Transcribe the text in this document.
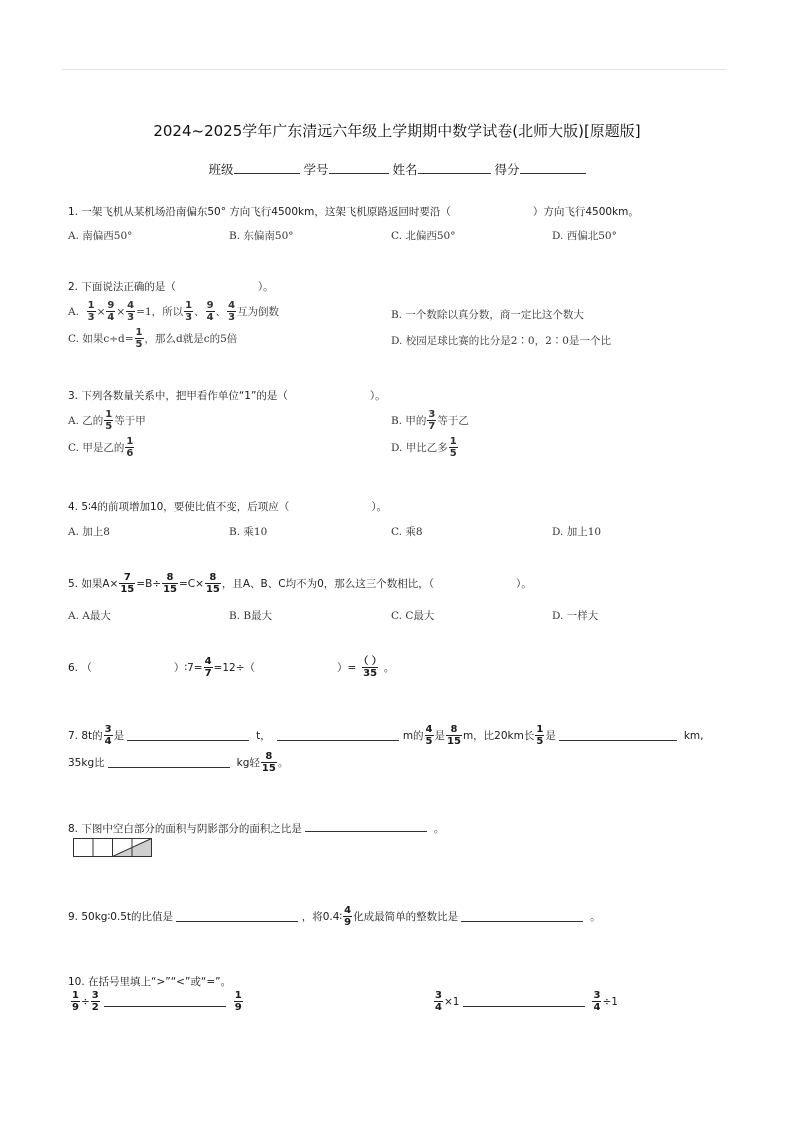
2024~2025学年广东清远六年级上学期期中数学试卷(北师大版)[原题版]
班级	学号	姓名	得分
1. 一架飞机从某机场沿南偏东50° 方向飞行4500km，这架飞机原路返回时要沿（	）方向飞行4500km。
A. 南偏西50°	B. 东偏南50°	C. 北偏西50°	D. 西偏北50°
2. 下面说法正确的是（	）。
A.
$\frac{1}{3} \times \frac{9}{4} \times \frac{4}{3} =1$，所以 $\frac{1}{3}$ 、 $\frac{9}{4}$ 、 $\frac{4}{3}$ 互为倒数	B. 一个数除以真分数，商一定比这个数大
C. 如果$c\div d= \frac{1}{5}$ ，那么d就是c的5倍	D. 校园足球比赛的比分是2∶0，2∶0是一个比
3. 下列各数量关系中，把甲看作单位“1”的是（	）。
A. 乙的 $\frac{1}{5}$ 等于甲	B. 甲的 $\frac{3}{7}$ 等于乙
C. 甲是乙的 $\frac{1}{6}$	D. 甲比乙多 $\frac{1}{5}$
4. 5∶4的前项增加10，要使比值不变，后项应（	）。
A. 加上8	B. 乘10	C. 乘8	D. 加上10
5. 如果$A\times \frac{7}{15} =B\div \frac{8}{15} =C\times \frac{8}{15}$ ，且A、B、C均不为0，那么这三个数相比，（	）。
A. A最大	B. B最大	C. C最大	D. 一样大
6. （	）∶7= $\frac{4}{7} =12\div$（	）= $\frac{( )}{35}$ 。
7. 8t的 $\frac{3}{4}$ 是

	t，

	m的 $\frac{4}{5}$ 是 $\frac{8}{15}$ m，比20km长 $\frac{1}{5}$ 是

	km,
35kg比

	kg轻 $\frac{8}{15}$ 。
8. 下图中空白部分的面积与阴影部分的面积之比是	。
9. 50kg∶0.5t的比值是

	，将0.4∶ $\frac{4}{9}$ 化成最简单的整数比是

	。
10. 在括号里填上“>”“<”或“=”。
$\frac{1}{9} \div \frac{3}{2}$

	$\frac{1}{9}$	$\frac{3}{4} \times 1$

	$\frac{3}{4} \div 1$
